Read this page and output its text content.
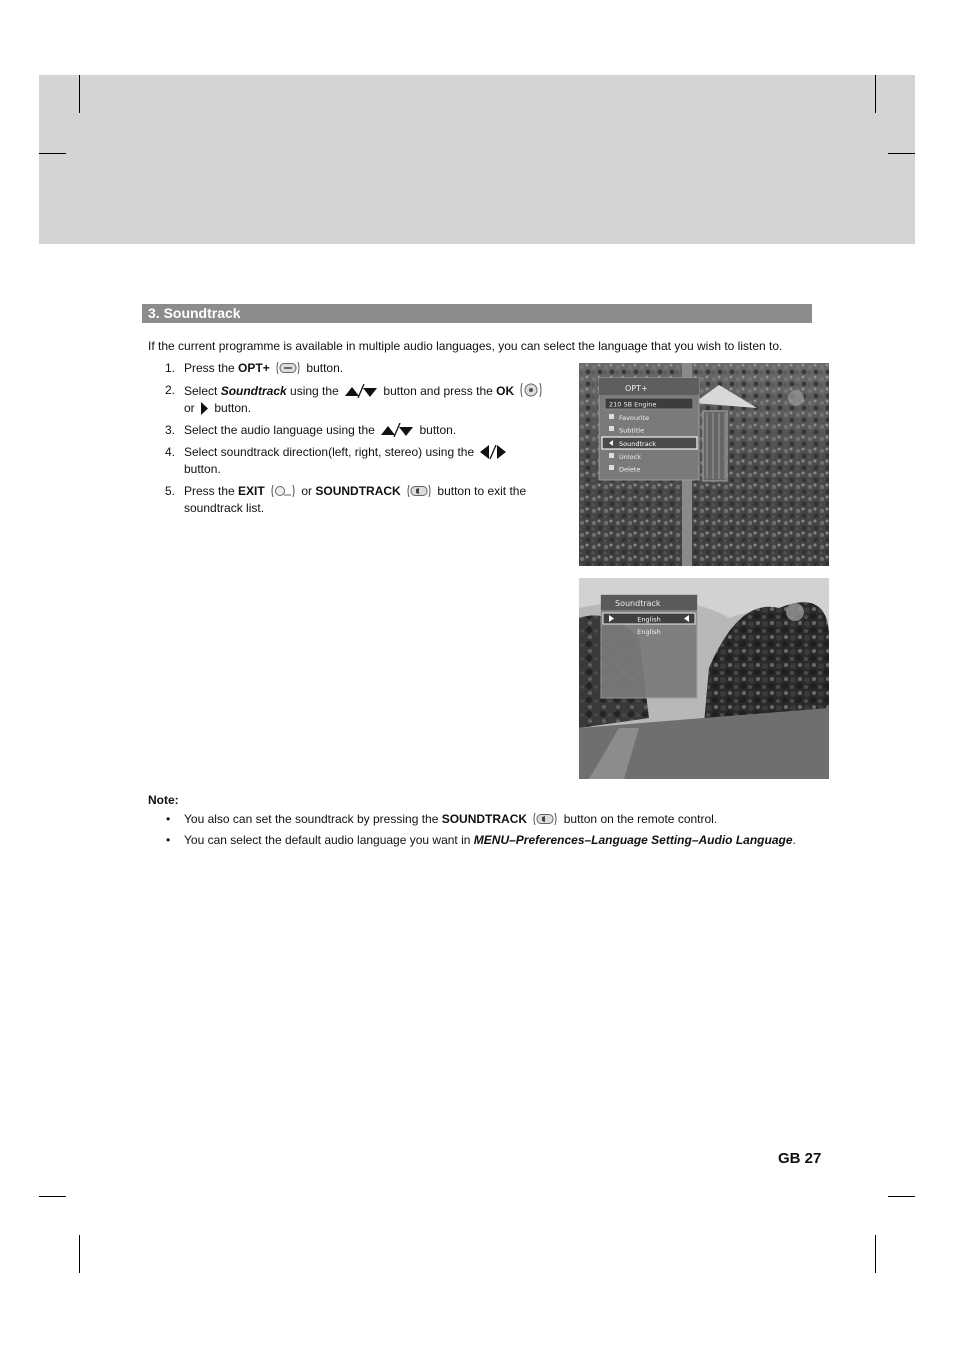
3. Soundtrack
If the current programme is available in multiple audio languages, you can select the language that you wish to listen to.
1. Press the OPT+	button.
2. Select Soundtrack using the	button and press the OK
or  button.
3. Select the audio language using the	button.
4. Select soundtrack direction(left, right, stereo) using the
button.
5. Press the EXIT	or SOUNDTRACK	button to exit the soundtrack list.
OPT+
210 SB Engine
Favourite
Subtitle
Soundtrack
Unlock
Delete
Soundtrack
English
English
Note:
• You also can set the soundtrack by pressing the SOUNDTRACK	button on the remote control.
• You can select the default audio language you want in MENU–Preferences–Language Setting–Audio Language.
GB 27
